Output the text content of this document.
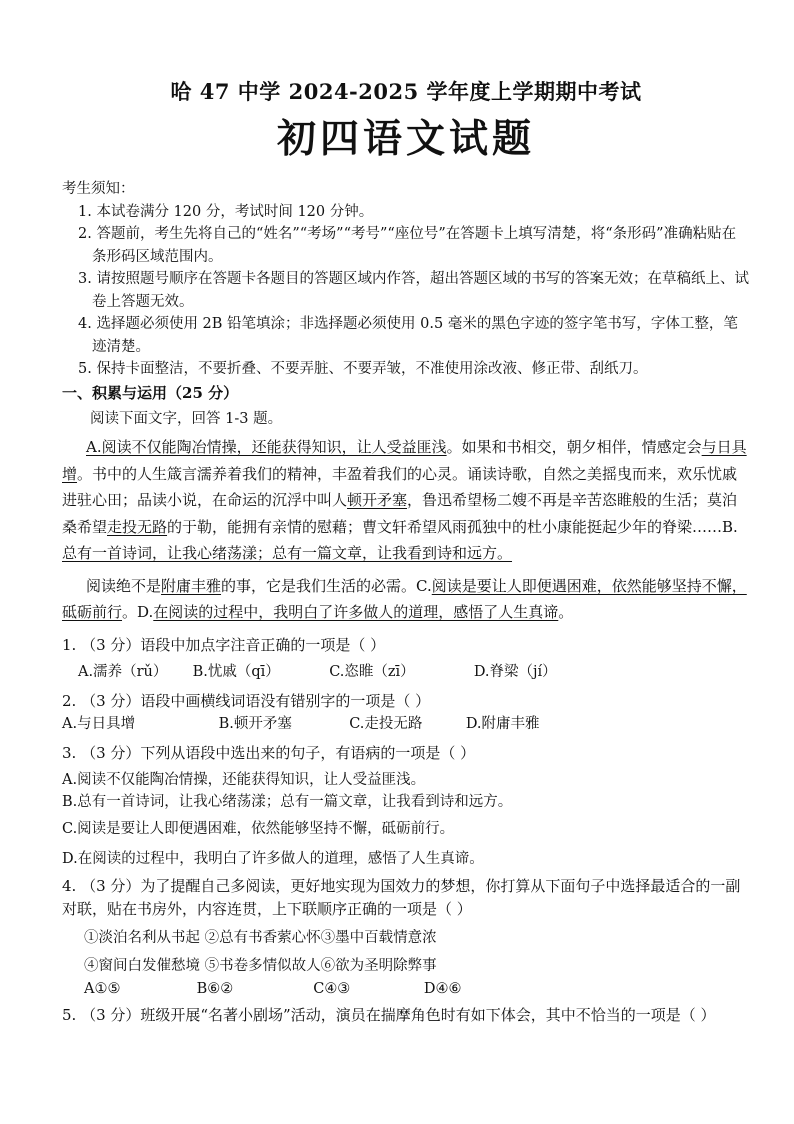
哈 47 中学 2024-2025 学年度上学期期中考试
初四语文试题
考生须知：
1. 本试卷满分 120 分，考试时间 120 分钟。
2. 答题前，考生先将自己的“姓名”“考场”“考号”“座位号”在答题卡上填写清楚，将“条形码”准确粘贴在条形码区域范围内。
3. 请按照题号顺序在答题卡各题目的答题区域内作答，超出答题区域的书写的答案无效；在草稿纸上、试卷上答题无效。
4. 选择题必须使用 2B 铅笔填涂；非选择题必须使用 0.5 毫米的黑色字迹的签字笔书写，字体工整，笔迹清楚。
5. 保持卡面整洁，不要折叠、不要弄脏、不要弄皱，不准使用涂改液、修正带、刮纸刀。
一、积累与运用（25 分）
阅读下面文字，回答 1-3 题。

A.阅读不仅能陶冶情操，还能获得知识，让人受益匪浅。如果和书相交，朝夕相伴，情感定会与日具增。书中的人生箴言濡养着我们的精神，丰盈着我们的心灵。诵读诗歌，自然之美摇曳而来，欢乐忧戚进驻心田；品读小说，在命运的沉浮中叫人顿开矛塞，鲁迅希望杨二嫂不再是辛苦恣睢般的生活；莫泊桑希望走投无路的于勒，能拥有亲情的慰藉；曹文轩希望风雨孤独中的杜小康能挺起少年的脊梁……B.总有一首诗词，让我心绪荡漾；总有一篇文章，让我看到诗和远方。

阅读绝不是附庸丰雅的事，它是我们生活的必需。C.阅读是要让人即便遇困难，依然能够坚持不懈，砥砺前行。D.在阅读的过程中，我明白了许多做人的道理，感悟了人生真谛。

1. （3 分）语段中加点字注音正确的一项是（ ）
A.濡养（rǔ） B.忧戚（qī）	C.恣睢（zī）	D.脊梁（jí）
2. （3 分）语段中画横线词语没有错别字的一项是（ ）
A.与日具增	B.顿开矛塞	C.走投无路	D.附庸丰雅
3. （3 分）下列从语段中选出来的句子，有语病的一项是（ ）
A.阅读不仅能陶冶情操，还能获得知识，让人受益匪浅。
B.总有一首诗词，让我心绪荡漾；总有一篇文章，让我看到诗和远方。
C.阅读是要让人即便遇困难，依然能够坚持不懈，砥砺前行。
D.在阅读的过程中，我明白了许多做人的道理，感悟了人生真谛。
4. （3 分）为了提醒自己多阅读，更好地实现为国效力的梦想，你打算从下面句子中选择最适合的一副对联，贴在书房外，内容连贯，上下联顺序正确的一项是（ ）
①淡泊名利从书起 ②总有书香萦心怀③墨中百载情意浓
④窗间白发催愁境 ⑤书卷多情似故人⑥欲为圣明除弊事
A①⑤	B⑥②	C④③	D④⑥
5. （3 分）班级开展“名著小剧场”活动，演员在揣摩角色时有如下体会，其中不恰当的一项是（ ）
